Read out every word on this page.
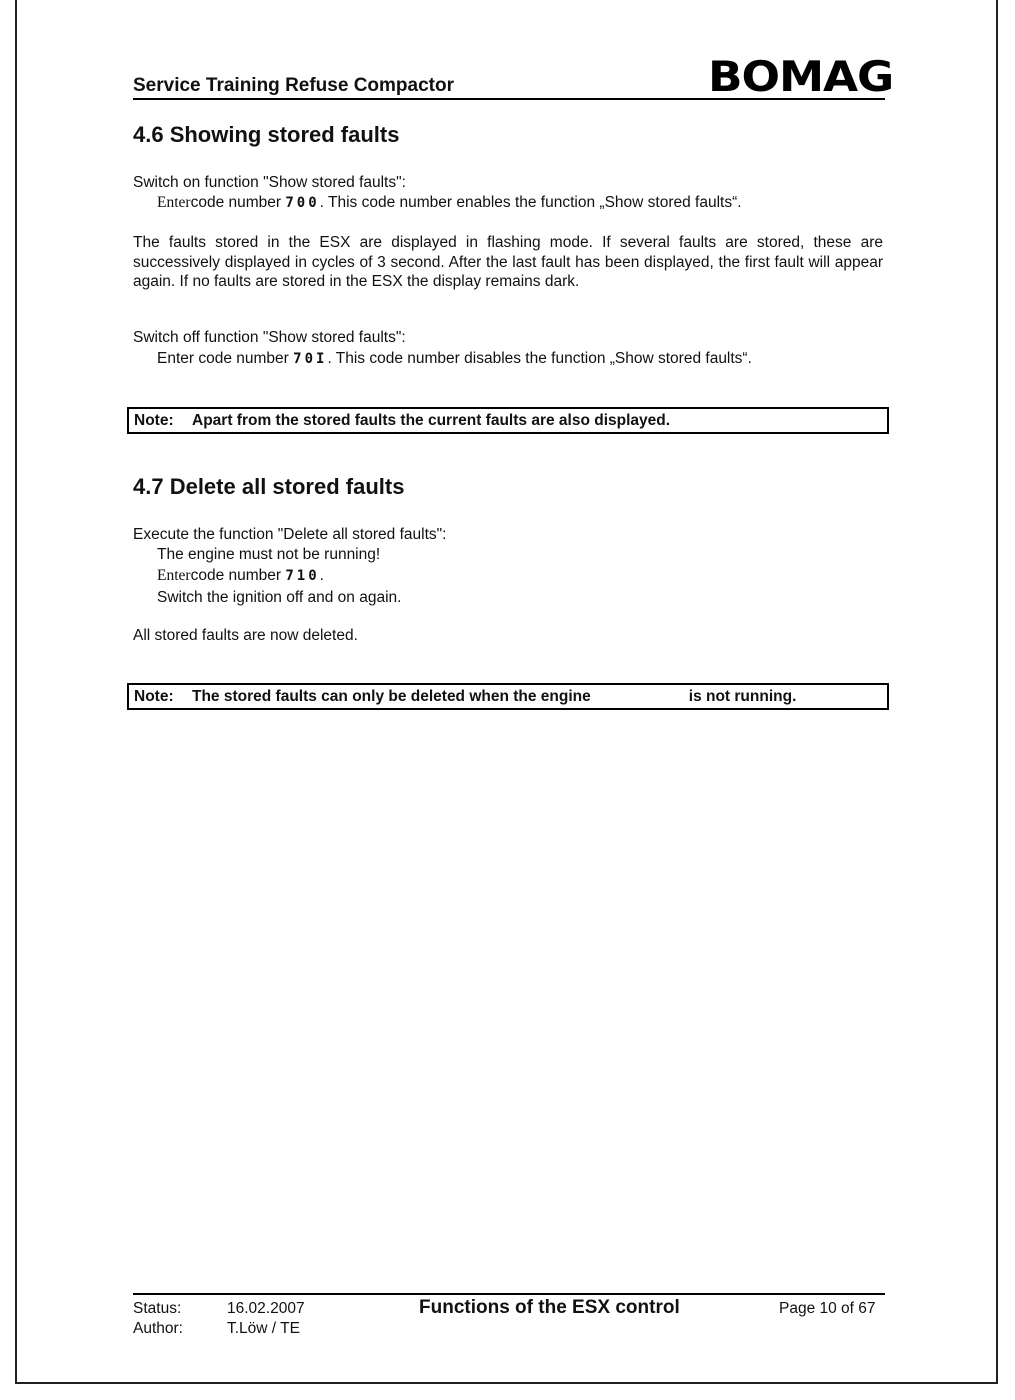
Service Training Refuse Compactor	BOMAG
4.6 Showing stored faults
Switch on function "Show stored faults":
Entercode number 700. This code number enables the function „Show stored faults“.
The faults stored in the ESX are displayed in flashing mode. If several faults are stored, these are successively displayed in cycles of 3 second. After the last fault has been displayed, the first fault will appear again. If no faults are stored in the ESX the display remains dark.
Switch off function "Show stored faults":
Enter code number 70I. This code number disables the function „Show stored faults“.
Note: Apart from the stored faults the current faults are also displayed.
4.7 Delete all stored faults
Execute the function "Delete all stored faults":
The engine must not be running!
Entercode number 710.
Switch the ignition off and on again.
All stored faults are now deleted.
Note: The stored faults can only be deleted when the engine	is not running.
Status:	16.02.2007
Author:	T.Löw / TE
Functions of the ESX control	Page 10 of 67
